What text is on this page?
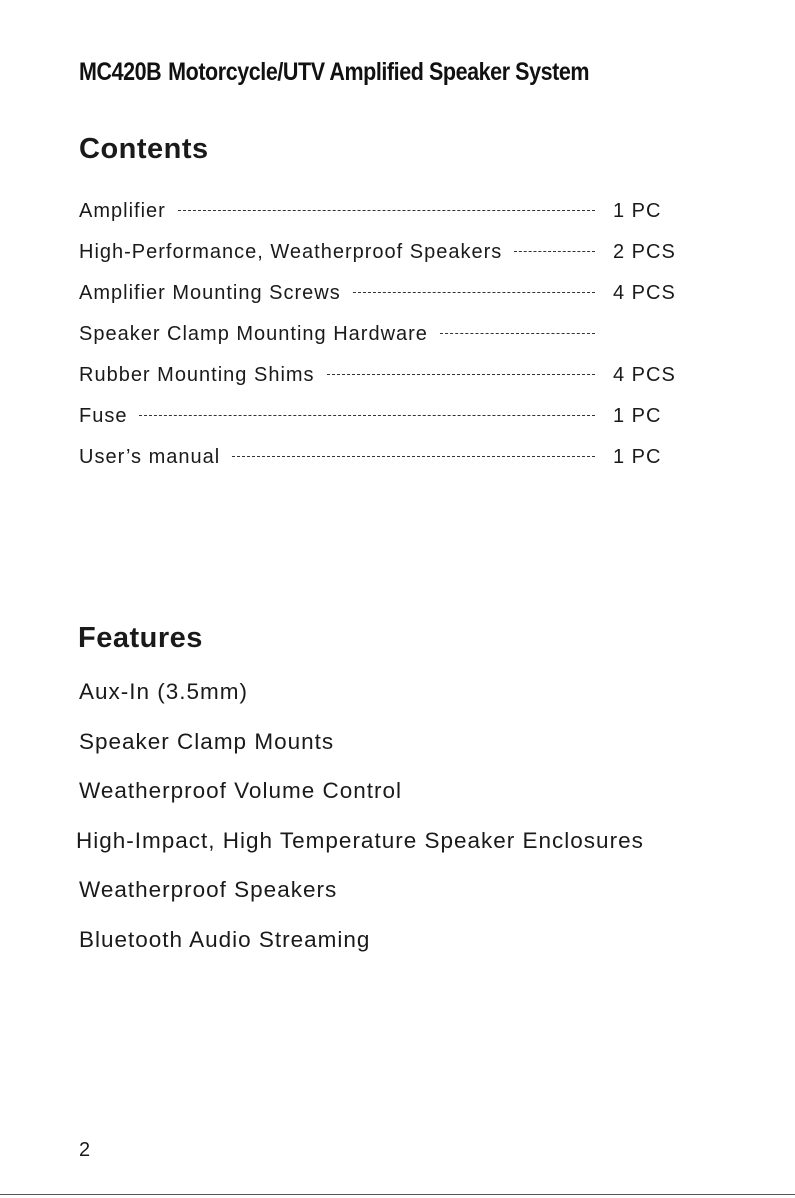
MC420B Motorcycle/UTV Amplified Speaker System
Contents
Amplifier	1 PC
High-Performance, Weatherproof Speakers	2 PCS
Amplifier Mounting Screws	4 PCS
Speaker Clamp Mounting Hardware
Rubber Mounting Shims	4 PCS
Fuse	1 PC
User’s manual	1 PC
Features
Aux-In (3.5mm)
Speaker Clamp Mounts
Weatherproof Volume Control
High-Impact, High Temperature Speaker Enclosures
Weatherproof Speakers
Bluetooth Audio Streaming
2
